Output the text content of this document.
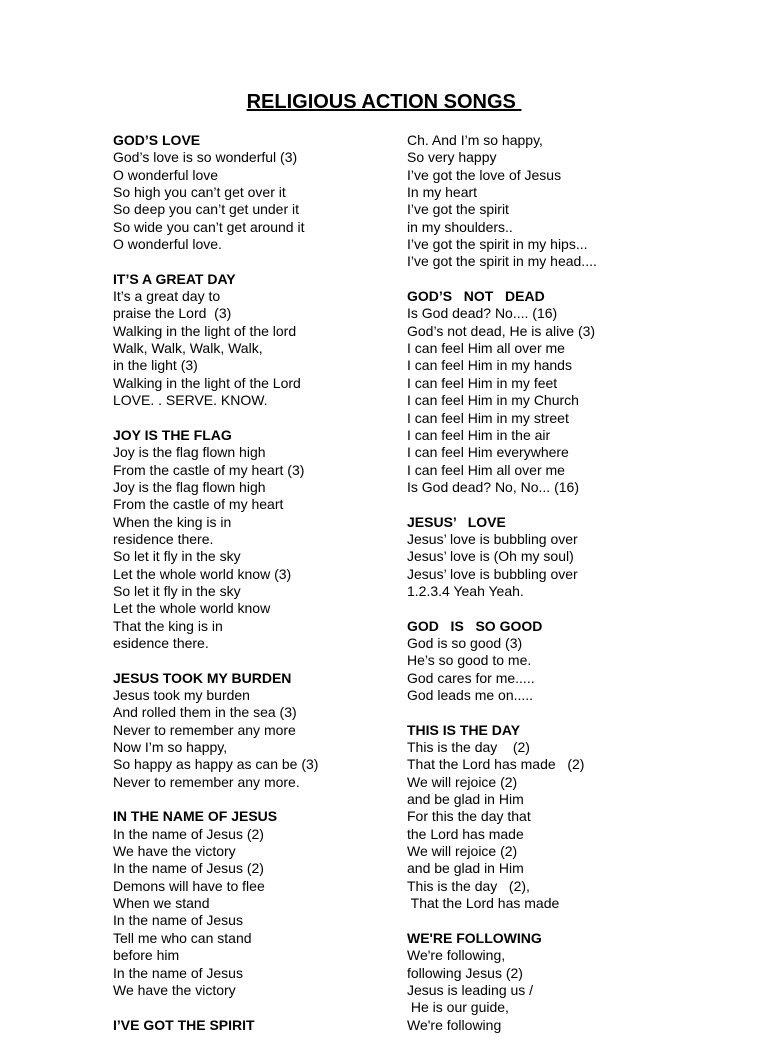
RELIGIOUS ACTION SONGS
GOD’S LOVE
God’s love is so wonderful (3)
O wonderful love
So high you can’t get over it
So deep you can’t get under it
So wide you can’t get around it
O wonderful love.
IT’S A GREAT DAY
It’s a great day to
praise the Lord  (3)
Walking in the light of the lord
Walk, Walk, Walk, Walk,
in the light (3)
Walking in the light of the Lord
LOVE. . SERVE. KNOW.
JOY IS THE FLAG
Joy is the flag flown high
From the castle of my heart (3)
Joy is the flag flown high
From the castle of my heart
When the king is in
residence there.
So let it fly in the sky
Let the whole world know (3)
So let it fly in the sky
Let the whole world know
That the king is in
esidence there.
JESUS TOOK MY BURDEN
Jesus took my burden
And rolled them in the sea (3)
Never to remember any more
Now I’m so happy,
So happy as happy as can be (3)
Never to remember any more.
IN THE NAME OF JESUS
In the name of Jesus (2)
We have the victory
In the name of Jesus (2)
Demons will have to flee
When we stand
In the name of Jesus
Tell me who can stand
before him
In the name of Jesus
We have the victory
I’VE GOT THE SPIRIT
Ch. And I’m so happy,
So very happy
I’ve got the love of Jesus
In my heart
I’ve got the spirit
in my shoulders..
I’ve got the spirit in my hips...
I’ve got the spirit in my head....
GOD’S   NOT   DEAD
Is God dead? No.... (16)
God’s not dead, He is alive (3)
I can feel Him all over me
I can feel Him in my hands
I can feel Him in my feet
I can feel Him in my Church
I can feel Him in my street
I can feel Him in the air
I can feel Him everywhere
I can feel Him all over me
Is God dead? No, No... (16)
JESUS’   LOVE
Jesus’ love is bubbling over
Jesus’ love is (Oh my soul)
Jesus’ love is bubbling over
1.2.3.4 Yeah Yeah.
GOD   IS   SO GOOD
God is so good (3)
He’s so good to me.
God cares for me.....
God leads me on.....
THIS IS THE DAY
This is the day    (2)
That the Lord has made   (2)
We will rejoice (2)
and be glad in Him
For this the day that
the Lord has made
We will rejoice (2)
and be glad in Him
This is the day   (2),
That the Lord has made
WE'RE FOLLOWING
We're following,
following Jesus (2)
Jesus is leading us /
He is our guide,
We're following
